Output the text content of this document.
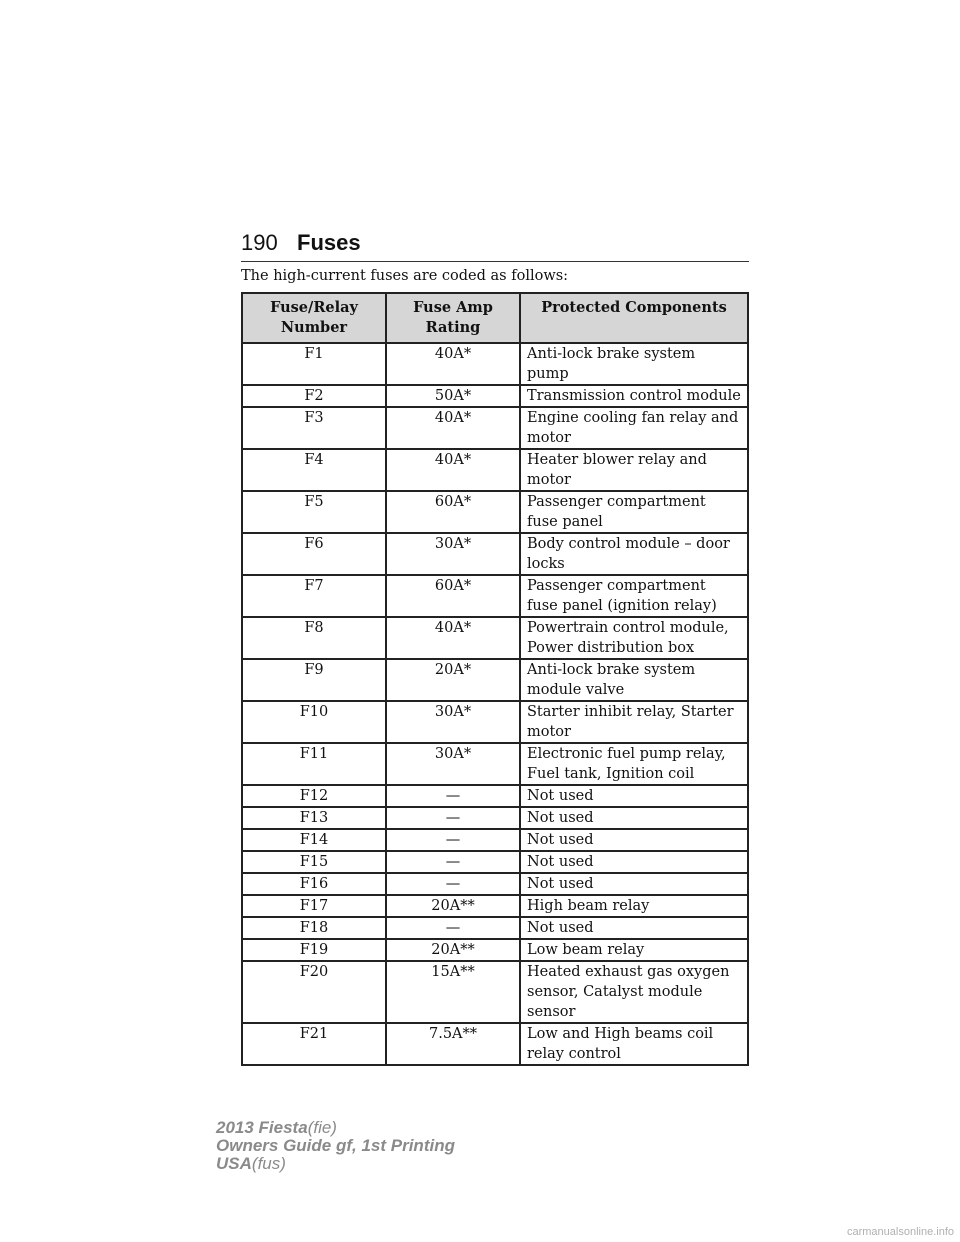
190 Fuses
The high-current fuses are coded as follows:
Fuse/Relay Number	Fuse Amp Rating	Protected Components
F1	40A*	Anti-lock brake system pump
F2	50A*	Transmission control module
F3	40A*	Engine cooling fan relay and motor
F4	40A*	Heater blower relay and motor
F5	60A*	Passenger compartment fuse panel
F6	30A*	Body control module – door locks
F7	60A*	Passenger compartment fuse panel (ignition relay)
F8	40A*	Powertrain control module, Power distribution box
F9	20A*	Anti-lock brake system module valve
F10	30A*	Starter inhibit relay, Starter motor
F11	30A*	Electronic fuel pump relay, Fuel tank, Ignition coil
F12	—	Not used
F13	—	Not used
F14	—	Not used
F15	—	Not used
F16	—	Not used
F17	20A**	High beam relay
F18	—	Not used
F19	20A**	Low beam relay
F20	15A**	Heated exhaust gas oxygen sensor, Catalyst module sensor
F21	7.5A**	Low and High beams coil relay control
2013 Fiesta(fie)
Owners Guide gf, 1st Printing
USA(fus)
carmanualsonline.info
